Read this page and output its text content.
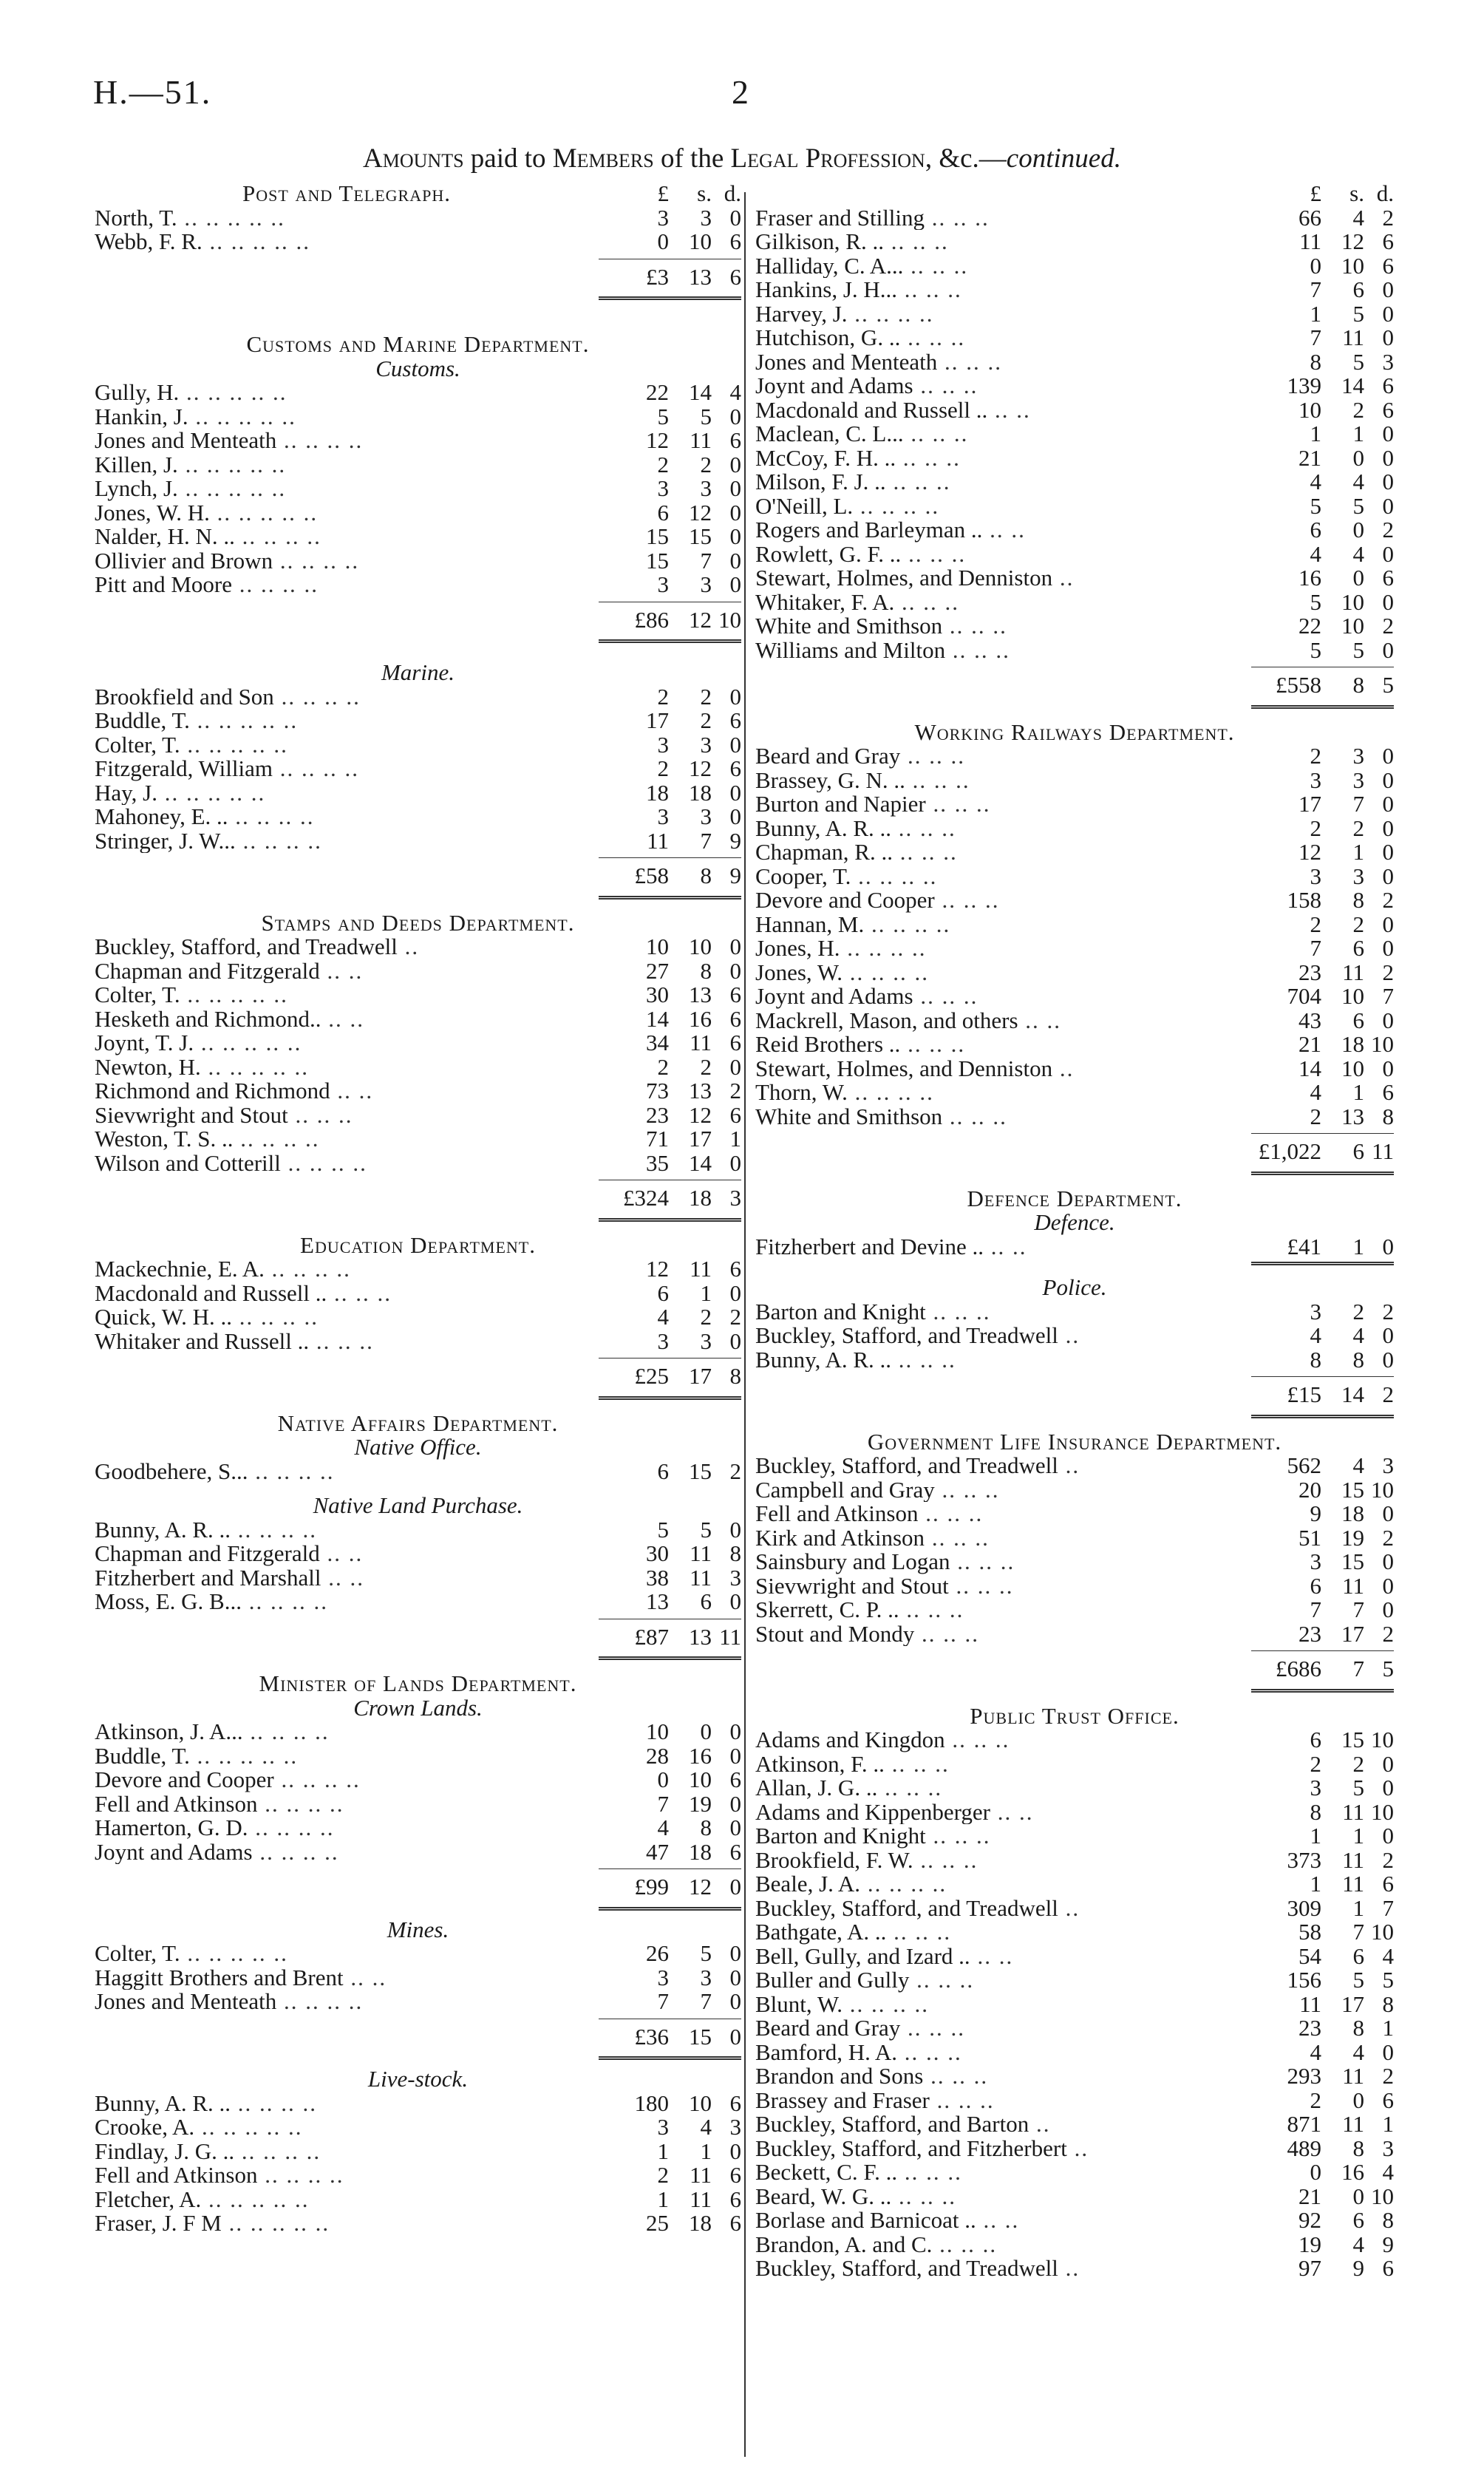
H.—51.	2
Amounts paid to Members of the Legal Profession, &c.—continued.
Post and Telegraph.	£	s. d.
North, T. .. .. .. .. ..	3	3 0
Webb, F. R. .. .. .. .. ..	0 10 6
£3 13 6
Customs and Marine Department.
Customs.
Gully, H. .. .. .. .. ..	22 14 4
Hankin, J. .. .. .. .. ..	5	5 0
Jones and Menteath .. .. .. ..	12 11 6
Killen, J. .. .. .. .. ..	2	2 0
Lynch, J. .. .. .. .. ..	3	3 0
Jones, W. H. .. .. .. .. ..	6 12 0
Nalder, H. N. .. .. .. .. ..	15 15 0
Ollivier and Brown .. .. .. ..	15	7 0
Pitt and Moore .. .. .. ..	3	3 0
£86 12 10
Marine.
Brookfield and Son .. .. .. ..	2	2 0
Buddle, T. .. .. .. .. ..	17	2 6
Colter, T. .. .. .. .. ..	3	3 0
Fitzgerald, William .. .. .. ..	2 12 6
Hay, J. .. .. .. .. ..	18 18 0
Mahoney, E. .. .. .. .. ..	3	3 0
Stringer, J. W... .. .. .. ..	11	7 9
£58	8 9
Stamps and Deeds Department.
Buckley, Stafford, and Treadwell ..	10 10 0
Chapman and Fitzgerald .. ..	27	8 0
Colter, T. .. .. .. .. ..	30 13 6
Hesketh and Richmond.. .. ..	14 16 6
Joynt, T. J. .. .. .. .. ..	34 11 6
Newton, H. .. .. .. .. ..	2	2 0
Richmond and Richmond .. ..	73 13 2
Sievwright and Stout .. .. ..	23 12 6
Weston, T. S. .. .. .. .. ..	71 17 1
Wilson and Cotterill .. .. .. ..	35 14 0
£324 18 3
Education Department.
Mackechnie, E. A. .. .. .. ..	12 11 6
Macdonald and Russell .. .. .. ..	6	1 0
Quick, W. H. .. .. .. .. ..	4	2 2
Whitaker and Russell .. .. .. ..	3	3 0
£25 17 8
Native Affairs Department.
Native Office.
Goodbehere, S... .. .. .. ..	6 15 2
Native Land Purchase.
Bunny, A. R. .. .. .. .. ..	5	5 0
Chapman and Fitzgerald .. ..	30 11 8
Fitzherbert and Marshall .. ..	38 11 3
Moss, E. G. B... .. .. .. ..	13	6 0
£87 13 11
Minister of Lands Department.
Crown Lands.
Atkinson, J. A... .. .. .. ..	10	0 0
Buddle, T. .. .. .. .. ..	28 16 0
Devore and Cooper .. .. .. ..	0 10 6
Fell and Atkinson .. .. .. ..	7 19 0
Hamerton, G. D. .. .. .. ..	4	8 0
Joynt and Adams .. .. .. ..	47 18 6
£99 12 0
Mines.
Colter, T. .. .. .. .. ..	26	5 0
Haggitt Brothers and Brent .. ..	3	3 0
Jones and Menteath .. .. .. ..	7	7 0
£36 15 0
Live-stock.
Bunny, A. R. .. .. .. .. ..	180 10 6
Crooke, A. .. .. .. .. ..	3	4 3
Findlay, J. G. .. .. .. .. ..	1	1 0
Fell and Atkinson .. .. .. ..	2 11 6
Fletcher, A. .. .. .. .. ..	1 11 6
Fraser, J. F M .. .. .. .. ..	25 18 6
£	s. d.
Fraser and Stilling .. .. ..	66	4 2
Gilkison, R. .. .. .. ..	11 12 6
Halliday, C. A... .. .. ..	0 10 6
Hankins, J. H... .. .. ..	7	6 0
Harvey, J. .. .. .. ..	1	5 0
Hutchison, G. .. .. .. ..	7 11 0
Jones and Menteath .. .. ..	8	5 3
Joynt and Adams .. .. ..	139 14 6
Macdonald and Russell .. .. ..	10	2 6
Maclean, C. L... .. .. ..	1	1 0
McCoy, F. H. .. .. .. ..	21	0 0
Milson, F. J. .. .. .. ..	4	4 0
O'Neill, L. .. .. .. ..	5	5 0
Rogers and Barleyman .. .. ..	6	0 2
Rowlett, G. F. .. .. .. ..	4	4 0
Stewart, Holmes, and Denniston ..	16	0 6
Whitaker, F. A. .. .. ..	5 10 0
White and Smithson .. .. ..	22 10 2
Williams and Milton .. .. ..	5	5 0
£558	8 5
Working Railways Department.
Beard and Gray .. .. ..	2	3 0
Brassey, G. N. .. .. .. ..	3	3 0
Burton and Napier .. .. ..	17	7 0
Bunny, A. R. .. .. .. ..	2	2 0
Chapman, R. .. .. .. ..	12	1 0
Cooper, T. .. .. .. ..	3	3 0
Devore and Cooper .. .. ..	158	8 2
Hannan, M. .. .. .. ..	2	2 0
Jones, H. .. .. .. ..	7	6 0
Jones, W. .. .. .. ..	23 11 2
Joynt and Adams .. .. ..	704 10 7
Mackrell, Mason, and others .. ..	43	6 0
Reid Brothers .. .. .. ..	21 18 10
Stewart, Holmes, and Denniston ..	14 10 0
Thorn, W. .. .. .. ..	4	1 6
White and Smithson .. .. ..	2 13 8
£1,022	6 11
Defence Department.
Defence.
Fitzherbert and Devine .. .. ..	£41	1 0
Police.
Barton and Knight .. .. ..	3	2 2
Buckley, Stafford, and Treadwell ..	4	4 0
Bunny, A. R. .. .. .. ..	8	8 0
£15 14 2
Government Life Insurance Department.
Buckley, Stafford, and Treadwell ..	562	4 3
Campbell and Gray .. .. ..	20 15 10
Fell and Atkinson .. .. ..	9 18 0
Kirk and Atkinson .. .. ..	51 19 2
Sainsbury and Logan .. .. ..	3 15 0
Sievwright and Stout .. .. ..	6 11 0
Skerrett, C. P. .. .. .. ..	7	7 0
Stout and Mondy .. .. ..	23 17 2
£686	7 5
Public Trust Office.
Adams and Kingdon .. .. ..	6 15 10
Atkinson, F. .. .. .. ..	2	2 0
Allan, J. G. .. .. .. ..	3	5 0
Adams and Kippenberger .. ..	8 11 10
Barton and Knight .. .. ..	1	1 0
Brookfield, F. W. .. .. ..	373 11 2
Beale, J. A. .. .. .. ..	1 11 6
Buckley, Stafford, and Treadwell ..	309	1 7
Bathgate, A. .. .. .. ..	58	7 10
Bell, Gully, and Izard .. .. ..	54	6 4
Buller and Gully .. .. ..	156	5 5
Blunt, W. .. .. .. ..	11 17 8
Beard and Gray .. .. ..	23	8 1
Bamford, H. A. .. .. ..	4	4 0
Brandon and Sons .. .. ..	293 11 2
Brassey and Fraser .. .. ..	2	0 6
Buckley, Stafford, and Barton ..	871 11 1
Buckley, Stafford, and Fitzherbert ..	489	8 3
Beckett, C. F. .. .. .. ..	0 16 4
Beard, W. G. .. .. .. ..	21	0 10
Borlase and Barnicoat .. .. ..	92	6 8
Brandon, A. and C. .. .. ..	19	4 9
Buckley, Stafford, and Treadwell ..	97	9 6
